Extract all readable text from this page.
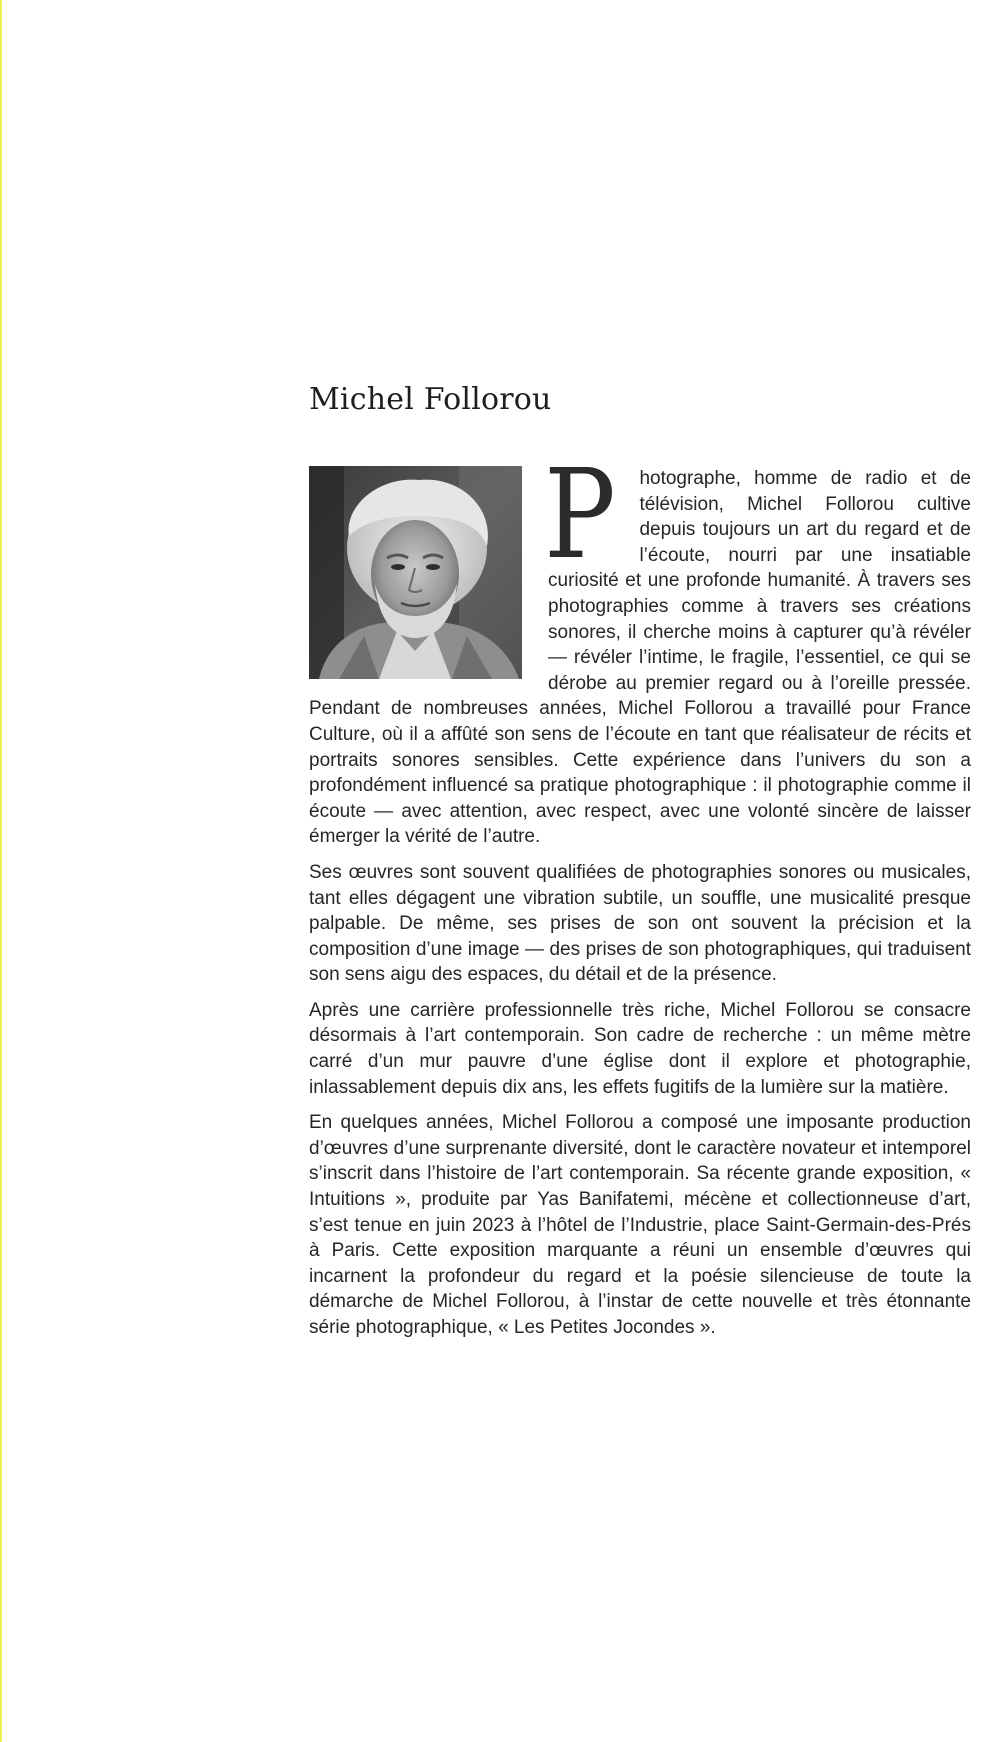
Michel Follorou

P hotographe, homme de radio et de télévision, Michel Follorou cultive depuis toujours un art du regard et de l’écoute, nourri par une insatiable curiosité et une profonde humanité. À travers ses photographies comme à travers ses créations sonores, il cherche moins à capturer qu’à révéler — révéler l’intime, le fragile, l’essentiel, ce qui se dérobe au premier regard ou à l’oreille pressée. Pendant de nombreuses années, Michel Follorou a travaillé pour France Culture, où il a affûté son sens de l’écoute en tant que réalisateur de récits et portraits sonores sensibles. Cette expérience dans l’univers du son a profondément influencé sa pratique photographique : il photographie comme il écoute — avec attention, avec respect, avec une volonté sincère de laisser émerger la vérité de l’autre.

Ses œuvres sont souvent qualifiées de photographies sonores ou musicales, tant elles dégagent une vibration subtile, un souffle, une musicalité presque palpable. De même, ses prises de son ont souvent la précision et la composition d’une image — des prises de son photographiques, qui traduisent son sens aigu des espaces, du détail et de la présence.

Après une carrière professionnelle très riche, Michel Follorou se consacre désormais à l’art contemporain. Son cadre de recherche : un même mètre carré d’un mur pauvre d’une église dont il explore et photographie, inlassablement depuis dix ans, les effets fugitifs de la lumière sur la matière.

En quelques années, Michel Follorou a composé une imposante production d’œuvres d’une surprenante diversité, dont le caractère novateur et intemporel s’inscrit dans l’histoire de l’art contemporain. Sa récente grande exposition, « Intuitions », produite par Yas Banifatemi, mécène et collectionneuse d’art, s’est tenue en juin 2023 à l’hôtel de l’Industrie, place Saint-Germain-des-Prés à Paris. Cette exposition marquante a réuni un ensemble d’œuvres qui incarnent la profondeur du regard et la poésie silencieuse de toute la démarche de Michel Follorou, à l’instar de cette nouvelle et très étonnante série photographique, « Les Petites Jocondes ».
